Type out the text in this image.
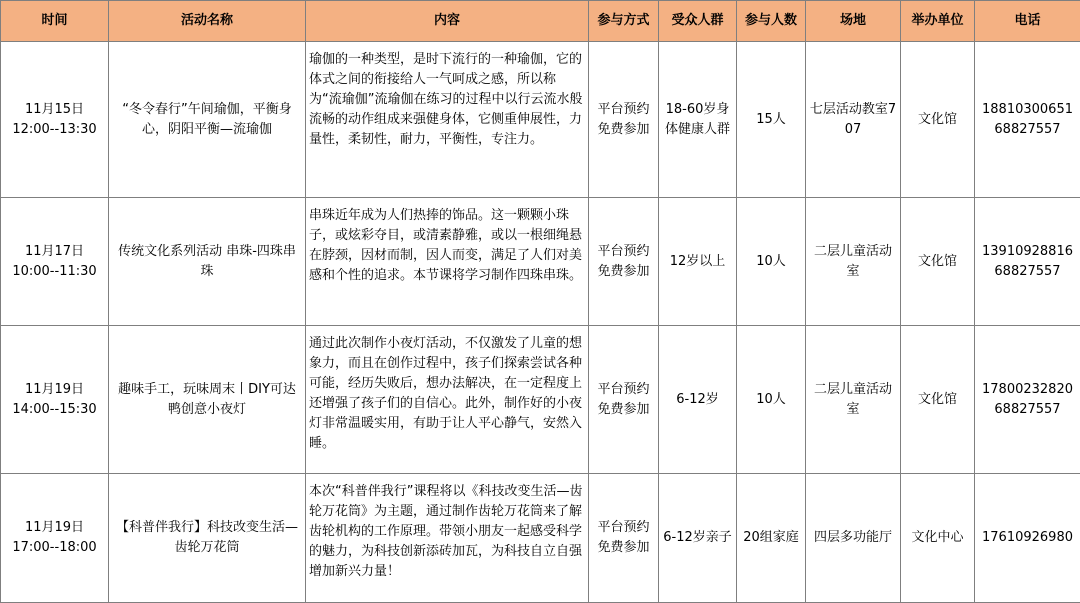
时间	活动名称	内容	参与方式	受众人群	参与人数	场地	举办单位	电话

11月15日
12:00--13:30	“冬令春行”午间瑜伽，平衡身心，阴阳平衡—流瑜伽	瑜伽的一种类型，是时下流行的一种瑜伽，它的体式之间的衔接给人一气呵成之感，所以称为“流瑜伽”流瑜伽在练习的过程中以行云流水般流畅的动作组成来强健身体，它侧重伸展性，力量性，柔韧性，耐力，平衡性，专注力。	平台预约免费参加	18-60岁身体健康人群	15人	七层活动教室707	文化馆	18810300651
68827557

11月17日
10:00--11:30	传统文化系列活动 串珠-四珠串珠	串珠近年成为人们热捧的饰品。这一颗颗小珠子，或炫彩夺目，或清素静雅，或以一根细绳悬在脖颈，因材而制，因人而变，满足了人们对美感和个性的追求。本节课将学习制作四珠串珠。	平台预约免费参加	12岁以上	10人	二层儿童活动室	文化馆	13910928816
68827557

11月19日
14:00--15:30	趣味手工，玩味周末丨DIY可达鸭创意小夜灯	通过此次制作小夜灯活动，不仅激发了儿童的想象力，而且在创作过程中，孩子们探索尝试各种可能，经历失败后，想办法解决，在一定程度上还增强了孩子们的自信心。此外，制作好的小夜灯非常温暖实用，有助于让人平心静气，安然入睡。	平台预约免费参加	6-12岁	10人	二层儿童活动室	文化馆	17800232820
68827557

11月19日
17:00--18:00	【科普伴我行】科技改变生活—齿轮万花筒	本次“科普伴我行”课程将以《科技改变生活—齿轮万花筒》为主题，通过制作齿轮万花筒来了解齿轮机构的工作原理。带领小朋友一起感受科学的魅力，为科技创新添砖加瓦，为科技自立自强增加新兴力量！	平台预约免费参加	6-12岁亲子	20组家庭	四层多功能厅	文化中心	17610926980
